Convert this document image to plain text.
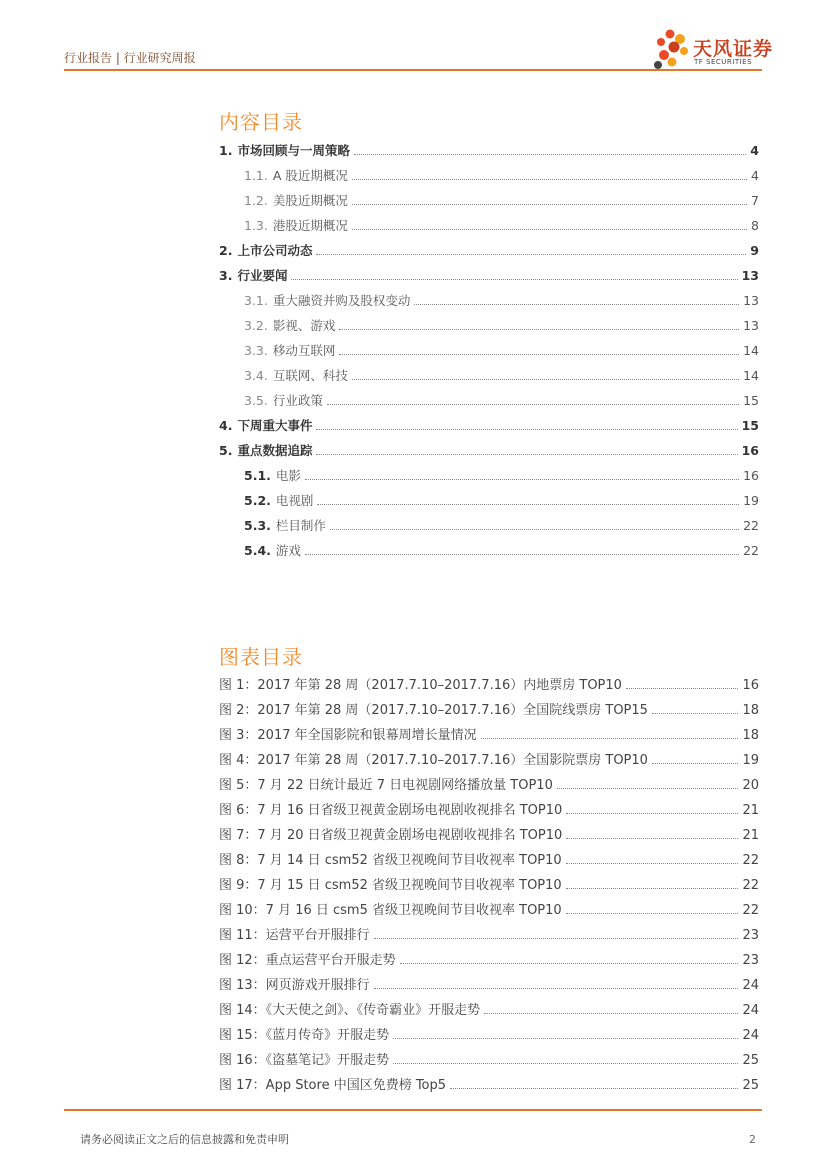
行业报告 | 行业研究周报	天风证券
TF SECURITIES
内容目录
1. 市场回顾与一周策略	4
1.1. A 股近期概况	4
1.2. 美股近期概况	7
1.3. 港股近期概况	8
2. 上市公司动态	9
3. 行业要闻	13
3.1. 重大融资并购及股权变动	13
3.2. 影视、游戏	13
3.3. 移动互联网	14
3.4. 互联网、科技	14
3.5. 行业政策	15
4. 下周重大事件	15
5. 重点数据追踪	16
5.1. 电影	16
5.2. 电视剧	19
5.3. 栏目制作	22
5.4. 游戏	22
图表目录
图 1：2017 年第 28 周（2017.7.10–2017.7.16）内地票房 TOP10	16
图 2：2017 年第 28 周（2017.7.10–2017.7.16）全国院线票房 TOP15	18
图 3：2017 年全国影院和银幕周增长量情况	18
图 4：2017 年第 28 周（2017.7.10–2017.7.16）全国影院票房 TOP10	19
图 5：7 月 22 日统计最近 7 日电视剧网络播放量 TOP10	20
图 6：7 月 16 日省级卫视黄金剧场电视剧收视排名 TOP10	21
图 7：7 月 20 日省级卫视黄金剧场电视剧收视排名 TOP10	21
图 8：7 月 14 日 csm52 省级卫视晚间节目收视率 TOP10	22
图 9：7 月 15 日 csm52 省级卫视晚间节目收视率 TOP10	22
图 10：7 月 16 日 csm5 省级卫视晚间节目收视率 TOP10	22
图 11：运营平台开服排行	23
图 12：重点运营平台开服走势	23
图 13：网页游戏开服排行	24
图 14：《大天使之剑》、《传奇霸业》开服走势	24
图 15：《蓝月传奇》开服走势	24
图 16：《盗墓笔记》开服走势	25
图 17：App Store 中国区免费榜 Top5	25
请务必阅读正文之后的信息披露和免责申明	2
